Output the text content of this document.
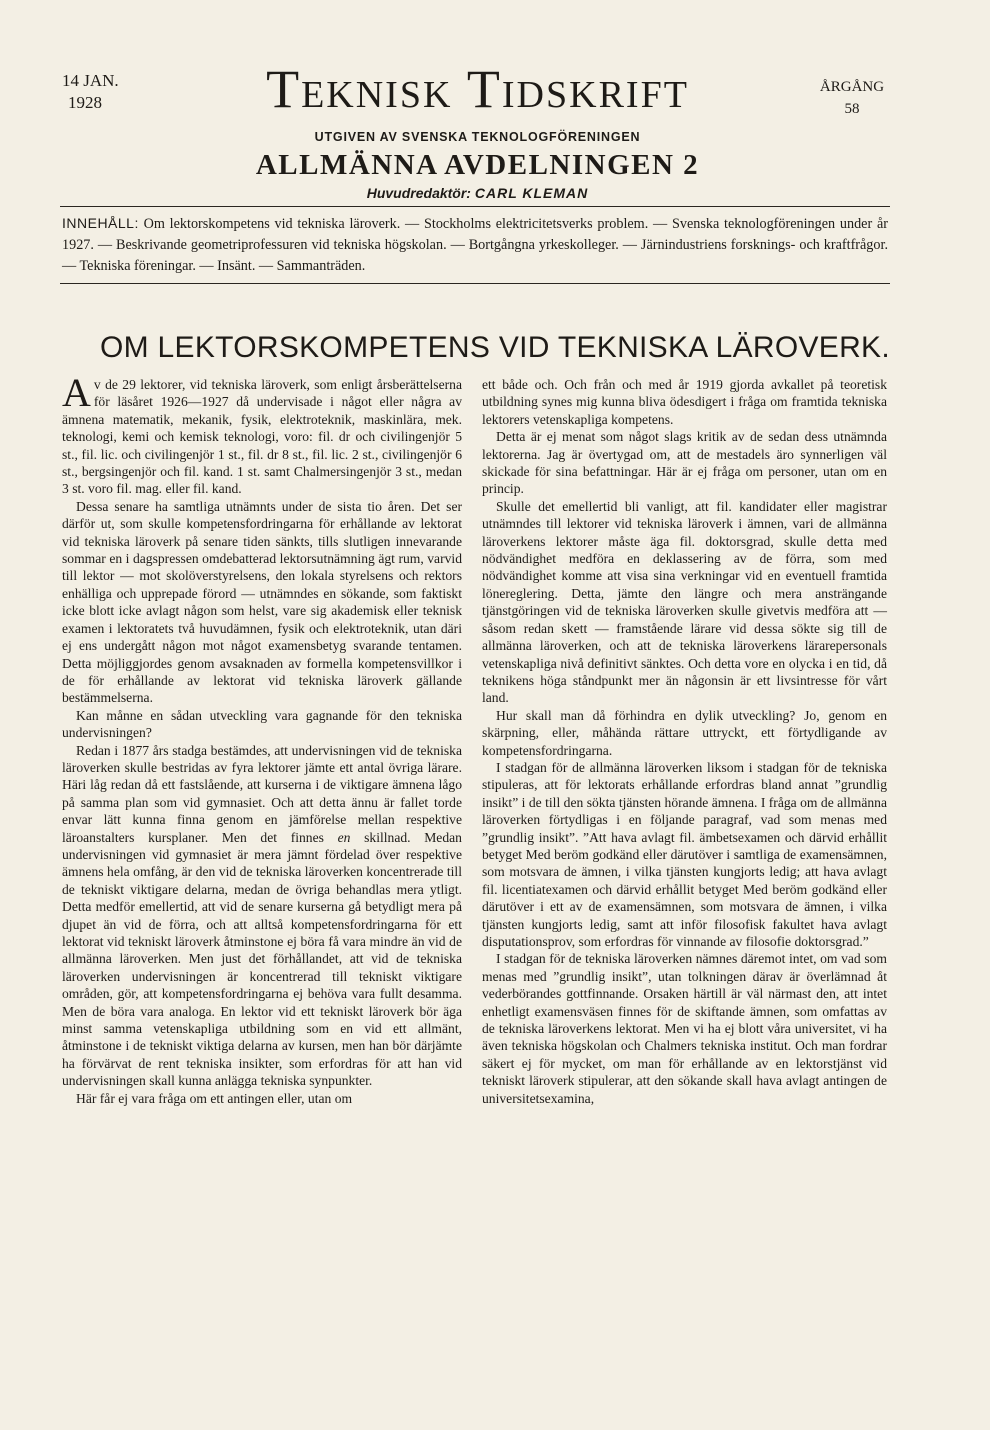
14 JAN.
1928	Teknisk Tidskrift	ÅRGÅNG
58
UTGIVEN AV SVENSKA TEKNOLOGFÖRENINGEN
ALLMÄNNA AVDELNINGEN 2
Huvudredaktör: CARL KLEMAN
INNEHÅLL: Om lektorskompetens vid tekniska läroverk. — Stockholms elektricitetsverks problem. — Svenska teknologföreningen under år 1927. — Beskrivande geometriprofessuren vid tekniska högskolan. — Bortgångna yrkeskolleger. — Järnindustriens forsknings- och kraftfrågor. — Tekniska föreningar. — Insänt. — Sammanträden.
OM LEKTORSKOMPETENS VID TEKNISKA LÄROVERK.

Av de 29 lektorer, vid tekniska läroverk, som enligt årsberättelserna för läsåret 1926—1927 då undervisade i något eller några av ämnena matematik, mekanik, fysik, elektroteknik, maskinlära, mek. teknologi, kemi och kemisk teknologi, voro: fil. dr och civilingenjör 5 st., fil. lic. och civilingenjör 1 st., fil. dr 8 st., fil. lic. 2 st., civilingenjör 6 st., bergsingenjör och fil. kand. 1 st. samt Chalmersingenjör 3 st., medan 3 st. voro fil. mag. eller fil. kand.

Dessa senare ha samtliga utnämnts under de sista tio åren. Det ser därför ut, som skulle kompetensfordringarna för erhållande av lektorat vid tekniska läroverk på senare tiden sänkts, tills slutligen innevarande sommar en i dagspressen omdebatterad lektorsutnämning ägt rum, varvid till lektor — mot skolöverstyrelsens, den lokala styrelsens och rektors enhälliga och upprepade förord — utnämndes en sökande, som faktiskt icke blott icke avlagt någon som helst, vare sig akademisk eller teknisk examen i lektoratets två huvudämnen, fysik och elektroteknik, utan däri ej ens undergått någon mot något examensbetyg svarande tentamen. Detta möjliggjordes genom avsaknaden av formella kompetensvillkor i de för erhållande av lektorat vid tekniska läroverk gällande bestämmelserna.

Kan månne en sådan utveckling vara gagnande för den tekniska undervisningen?

Redan i 1877 års stadga bestämdes, att undervisningen vid de tekniska läroverken skulle bestridas av fyra lektorer jämte ett antal övriga lärare. Häri låg redan då ett fastslående, att kurserna i de viktigare ämnena lågo på samma plan som vid gymnasiet. Och att detta ännu är fallet torde envar lätt kunna finna genom en jämförelse mellan respektive läroanstalters kursplaner. Men det finnes en skillnad. Medan undervisningen vid gymnasiet är mera jämnt fördelad över respektive ämnens hela omfång, är den vid de tekniska läroverken koncentrerade till de tekniskt viktigare delarna, medan de övriga behandlas mera ytligt. Detta medför emellertid, att vid de senare kurserna gå betydligt mera på djupet än vid de förra, och att alltså kompetensfordringarna för ett lektorat vid tekniskt läroverk åtminstone ej böra få vara mindre än vid de allmänna läroverken. Men just det förhållandet, att vid de tekniska läroverken undervisningen är koncentrerad till tekniskt viktigare områden, gör, att kompetensfordringarna ej behöva vara fullt desamma. Men de böra vara analoga. En lektor vid ett tekniskt läroverk bör äga minst samma vetenskapliga utbildning som en vid ett allmänt, åtminstone i de tekniskt viktiga delarna av kursen, men han bör därjämte ha förvärvat de rent tekniska insikter, som erfordras för att han vid undervisningen skall kunna anlägga tekniska synpunkter.

Här får ej vara fråga om ett antingen eller, utan om

ett både och. Och från och med år 1919 gjorda avkallet på teoretisk utbildning synes mig kunna bliva ödesdigert i fråga om framtida tekniska lektorers vetenskapliga kompetens.

Detta är ej menat som något slags kritik av de sedan dess utnämnda lektorerna. Jag är övertygad om, att de mestadels äro synnerligen väl skickade för sina befattningar. Här är ej fråga om personer, utan om en princip.

Skulle det emellertid bli vanligt, att fil. kandidater eller magistrar utnämndes till lektorer vid tekniska läroverk i ämnen, vari de allmänna läroverkens lektorer måste äga fil. doktorsgrad, skulle detta med nödvändighet medföra en deklassering av de förra, som med nödvändighet komme att visa sina verkningar vid en eventuell framtida lönereglering. Detta, jämte den längre och mera ansträngande tjänstgöringen vid de tekniska läroverken skulle givetvis medföra att — såsom redan skett — framstående lärare vid dessa sökte sig till de allmänna läroverken, och att de tekniska läroverkens lärarepersonals vetenskapliga nivå definitivt sänktes. Och detta vore en olycka i en tid, då teknikens höga ståndpunkt mer än någonsin är ett livsintresse för vårt land.

Hur skall man då förhindra en dylik utveckling? Jo, genom en skärpning, eller, måhända rättare uttryckt, ett förtydligande av kompetensfordringarna.

I stadgan för de allmänna läroverken liksom i stadgan för de tekniska stipuleras, att för lektorats erhållande erfordras bland annat ”grundlig insikt” i de till den sökta tjänsten hörande ämnena. I fråga om de allmänna läroverken förtydligas i en följande paragraf, vad som menas med ”grundlig insikt”. ”Att hava avlagt fil. ämbetsexamen och därvid erhållit betyget Med beröm godkänd eller därutöver i samtliga de examensämnen, som motsvara de ämnen, i vilka tjänsten kungjorts ledig; att hava avlagt fil. licentiatexamen och därvid erhållit betyget Med beröm godkänd eller därutöver i ett av de examensämnen, som motsvara de ämnen, i vilka tjänsten kungjorts ledig, samt att inför filosofisk fakultet hava avlagt disputationsprov, som erfordras för vinnande av filosofie doktorsgrad.”

I stadgan för de tekniska läroverken nämnes däremot intet, om vad som menas med ”grundlig insikt”, utan tolkningen därav är överlämnad åt vederbörandes gottfinnande. Orsaken härtill är väl närmast den, att intet enhetligt examensväsen finnes för de skiftande ämnen, som omfattas av de tekniska läroverkens lektorat. Men vi ha ej blott våra universitet, vi ha även tekniska högskolan och Chalmers tekniska institut. Och man fordrar säkert ej för mycket, om man för erhållande av en lektorstjänst vid tekniskt läroverk stipulerar, att den sökande skall hava avlagt antingen de universitetsexamina,
